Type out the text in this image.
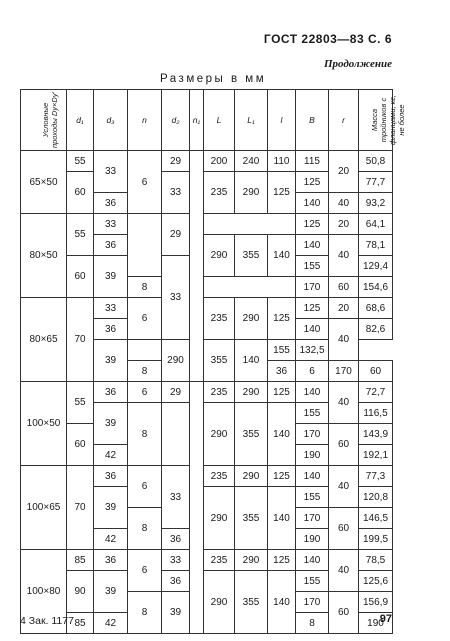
ГОСТ 22803—83 С. 6
Продолжение
Размеры в мм
Условные проходы Dy×Dy'	d₁	d₃	n	d₂	n₁	L	L₁	l	B	r	Масса тройников с фланцами, кг, не более	
65×50	55	33	6	29		200	240	110	115	20	50,8	
	60			33		235	290	125	125		77,7	
		36							140	40	93,2	
80×50	55	33		29					125	20	64,1	
		36				290	355	140	140	40	78,1	
	60	39		33					155		129,4	
			8						170	60	154,6	
80×65	70	33	6			235	290	125	125	20	68,6	
		36							140	40	82,6	
		39		290		355	140	155	132,5			
			8					36	6	170	60	
100×50	55	36	6	29		235	290	125	140	40	72,7	
		39	8			290	355	140	155		116,5	
	60								170	60	143,9	
		42							190		192,1	
100×65	70	36	6	33		235	290	125	140	40	77,3	
		39				290	355	140	155		120,8	
			8						170	60	146,5	
		42		36					190		199,5	
100×80	85	36	6	33		235	290	125	140	40	78,5	
	90	39		36		290	355	140	155		125,6	
			8	39					170	60	156,9	
	85	42							8		190	
4 Зак. 1177	97
